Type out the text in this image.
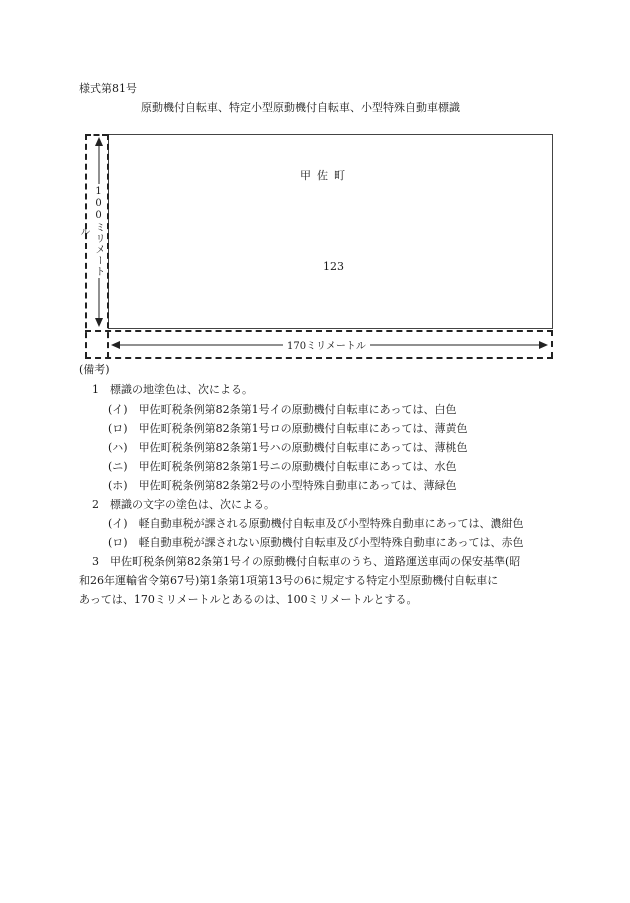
様式第81号
原動機付自転車、特定小型原動機付自転車、小型特殊自動車標識
甲佐町
123
100ミリメートル
170ミリメートル
(備考)
1　標識の地塗色は、次による。
(イ)　甲佐町税条例第82条第1号イの原動機付自転車にあっては、白色
(ロ)　甲佐町税条例第82条第1号ロの原動機付自転車にあっては、薄黄色
(ハ)　甲佐町税条例第82条第1号ハの原動機付自転車にあっては、薄桃色
(ニ)　甲佐町税条例第82条第1号ニの原動機付自転車にあっては、水色
(ホ)　甲佐町税条例第82条第2号の小型特殊自動車にあっては、薄緑色
2　標識の文字の塗色は、次による。
(イ)　軽自動車税が課される原動機付自転車及び小型特殊自動車にあっては、濃紺色
(ロ)　軽自動車税が課されない原動機付自転車及び小型特殊自動車にあっては、赤色
3　甲佐町税条例第82条第1号イの原動機付自転車のうち、道路運送車両の保安基準(昭
和26年運輸省令第67号)第1条第1項第13号の6に規定する特定小型原動機付自転車に
あっては、170ミリメートルとあるのは、100ミリメートルとする。
